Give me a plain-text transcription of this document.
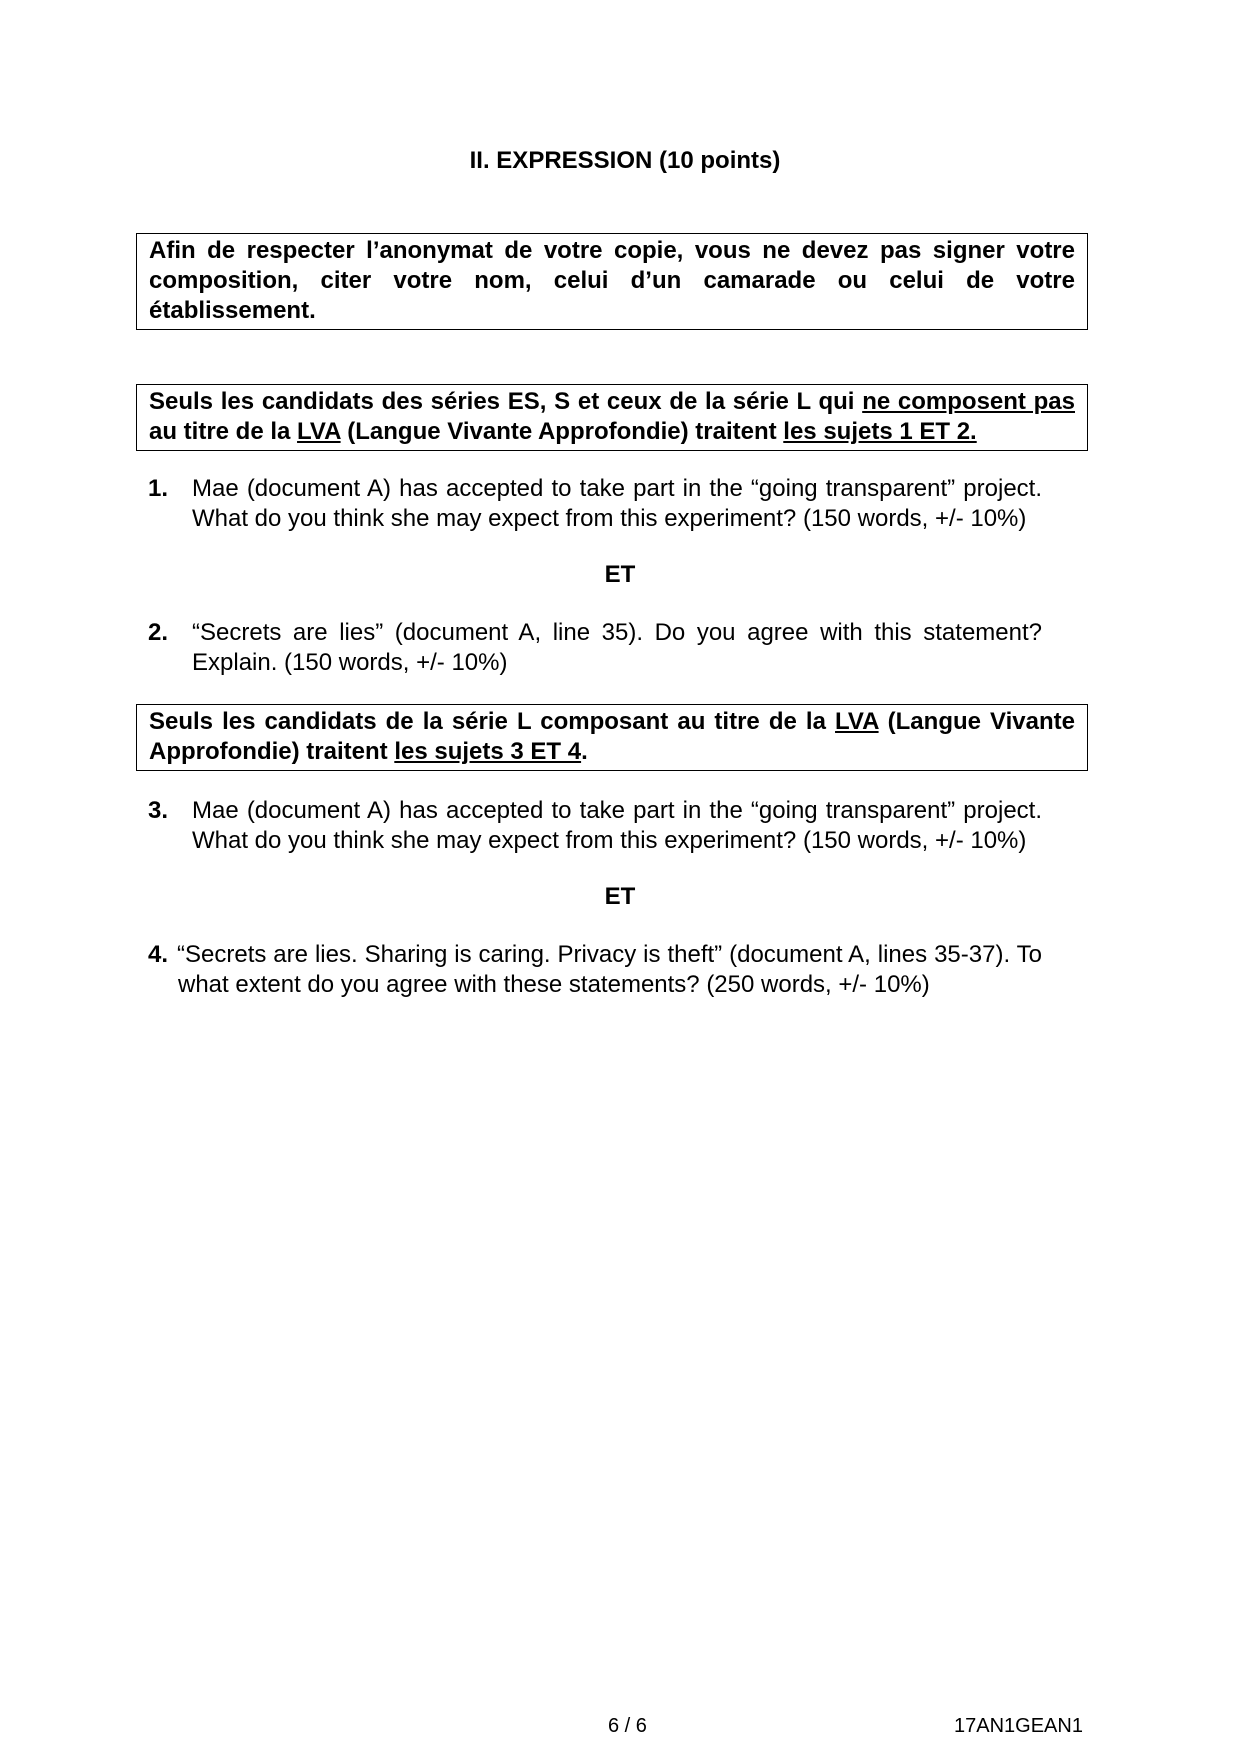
II. EXPRESSION (10 points)
Afin de respecter l’anonymat de votre copie, vous ne devez pas signer votre composition, citer votre nom, celui d’un camarade ou celui de votre établissement.
Seuls les candidats des séries ES, S et ceux de la série L qui ne composent pas au titre de la LVA (Langue Vivante Approfondie) traitent les sujets 1 ET 2.
1. Mae (document A) has accepted to take part in the “going transparent” project. What do you think she may expect from this experiment? (150 words, +/- 10%)
ET
2. “Secrets are lies” (document A, line 35). Do you agree with this statement? Explain. (150 words, +/- 10%)
Seuls les candidats de la série L composant au titre de la LVA (Langue Vivante Approfondie) traitent les sujets 3 ET 4.
3. Mae (document A) has accepted to take part in the “going transparent” project. What do you think she may expect from this experiment? (150 words, +/- 10%)
ET
4. “Secrets are lies. Sharing is caring. Privacy is theft” (document A, lines 35-37). To what extent do you agree with these statements? (250 words, +/- 10%)
6 / 6	17AN1GEAN1
